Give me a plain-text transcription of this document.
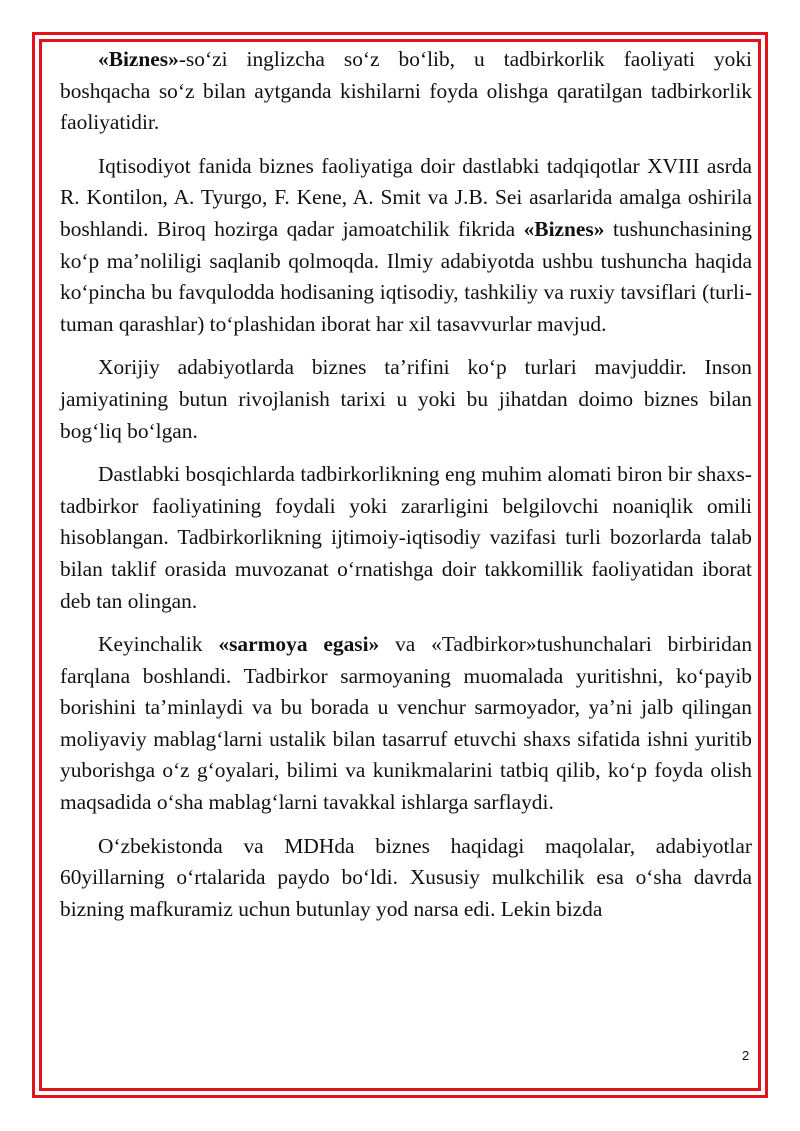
«Biznes»-so‘zi inglizcha so‘z bo‘lib, u tadbirkorlik faoliyati yoki boshqacha so‘z bilan aytganda kishilarni foyda olishga qaratilgan tadbirkorlik faoliyatidir.

Iqtisodiyot fanida biznes faoliyatiga doir dastlabki tadqiqotlar XVIII asrda R. Kontilon, A. Tyurgo, F. Kene, A. Smit va J.B. Sei asarlarida amalga oshirila boshlandi. Biroq hozirga qadar jamoatchilik fikrida «Biznes» tushunchasining ko‘p ma’noliligi saqlanib qolmoqda. Ilmiy adabiyotda ushbu tushuncha haqida ko‘pincha bu favqulodda hodisaning iqtisodiy, tashkiliy va ruxiy tavsiflari (turli-tuman qarashlar) to‘plashidan iborat har xil tasavvurlar mavjud.

Xorijiy adabiyotlarda biznes ta’rifini ko‘p turlari mavjuddir. Inson jamiyatining butun rivojlanish tarixi u yoki bu jihatdan doimo biznes bilan bog‘liq bo‘lgan.

Dastlabki bosqichlarda tadbirkorlikning eng muhim alomati biron bir shaxs-tadbirkor faoliyatining foydali yoki zararligini belgilovchi noaniqlik omili hisoblangan. Tadbirkorlikning ijtimoiy-iqtisodiy vazifasi turli bozorlarda talab bilan taklif orasida muvozanat o‘rnatishga doir takkomillik faoliyatidan iborat deb tan olingan.

Keyinchalik «sarmoya egasi» va «Tadbirkor»tushunchalari birbiridan farqlana boshlandi. Tadbirkor sarmoyaning muomalada yuritishni, ko‘payib borishini ta’minlaydi va bu borada u venchur sarmoyador, ya’ni jalb qilingan moliyaviy mablag‘larni ustalik bilan tasarruf etuvchi shaxs sifatida ishni yuritib yuborishga o‘z g‘oyalari, bilimi va kunikmalarini tatbiq qilib, ko‘p foyda olish maqsadida o‘sha mablag‘larni tavakkal ishlarga sarflaydi.

O‘zbekistonda va MDHda biznes haqidagi maqolalar, adabiyotlar 60yillarning o‘rtalarida paydo bo‘ldi. Xususiy mulkchilik esa o‘sha davrda bizning mafkuramiz uchun butunlay yod narsa edi. Lekin bizda

2
